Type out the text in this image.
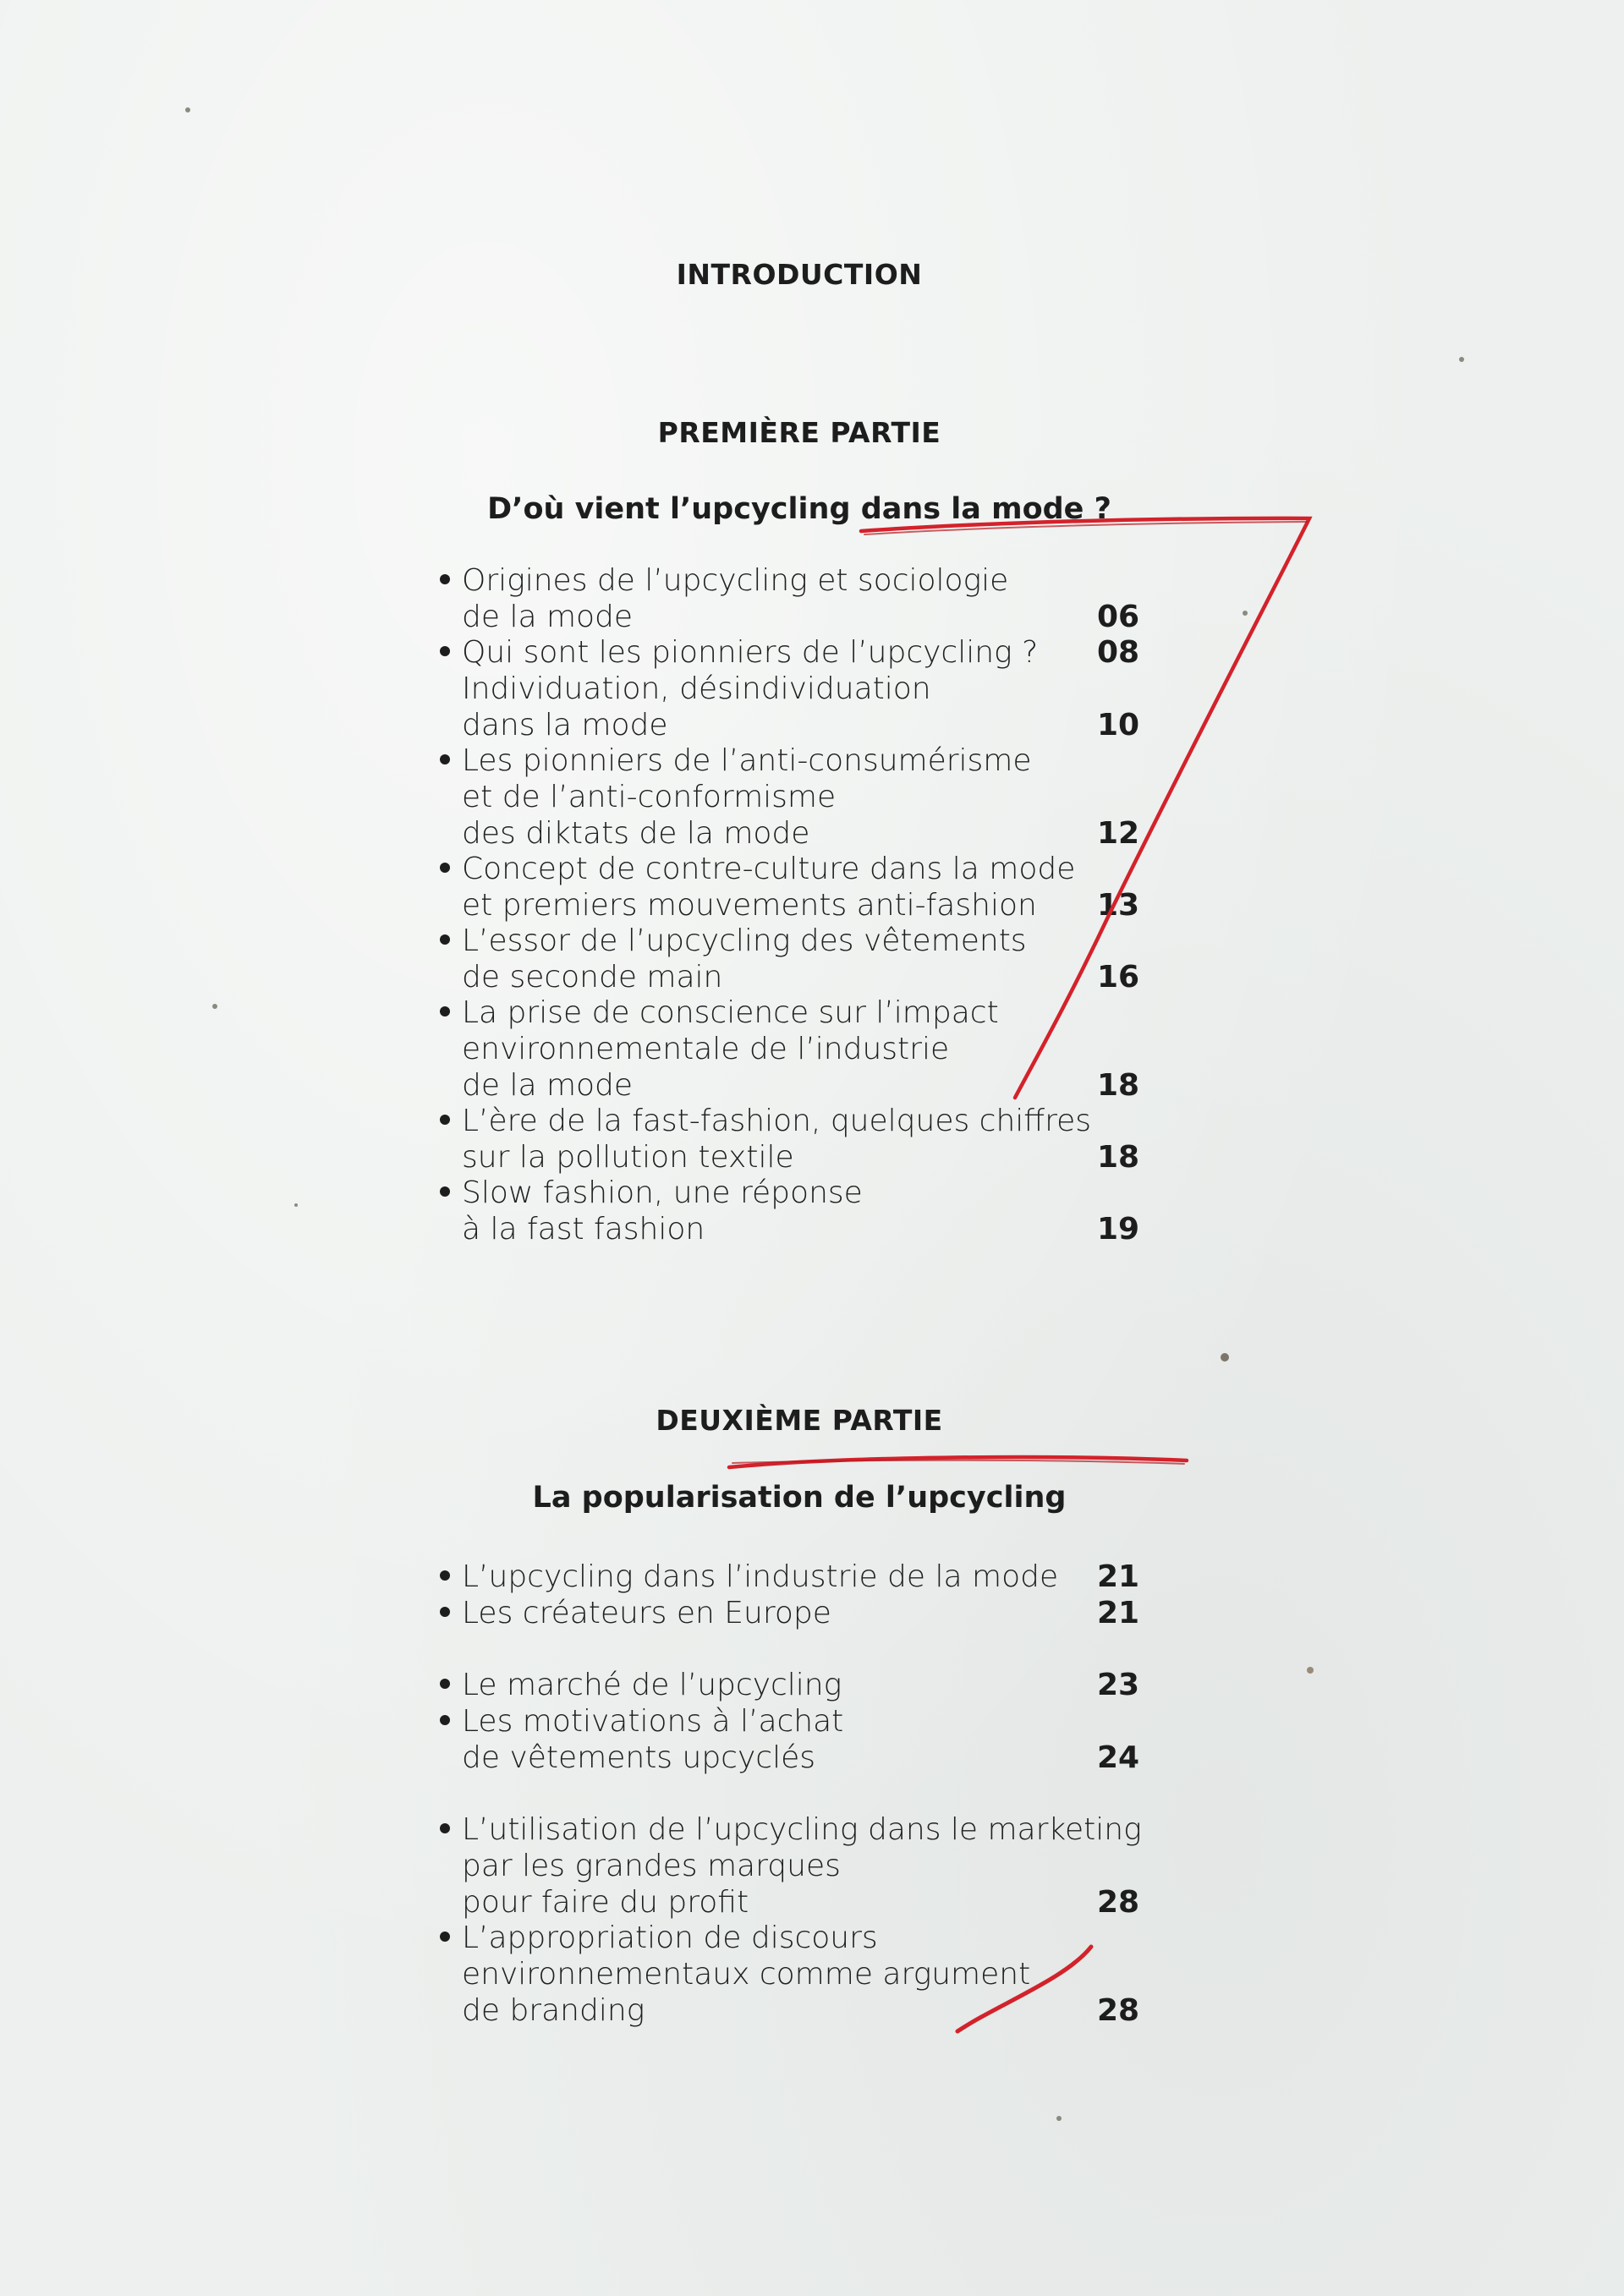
INTRODUCTION
PREMIÈRE PARTIE
D’où vient l’upcycling dans la mode ?
DEUXIÈME PARTIE
La popularisation de l’upcycling
Origines de l’upcycling et sociologie
de la mode	06
Qui sont les pionniers de l’upcycling ? 08
Individuation, désindividuation
dans la mode	10
Les pionniers de l’anti-consumérisme
et de l’anti-conformisme
des diktats de la mode	12
Concept de contre-culture dans la mode
et premiers mouvements anti-fashion 13
L’essor de l’upcycling des vêtements
de seconde main	16
La prise de conscience sur l’impact
environnementale de l’industrie
de la mode	18
L’ère de la fast-fashion, quelques chiffres
sur la pollution textile	18
Slow fashion, une réponse
à la fast fashion	19
L’upcycling dans l’industrie de la mode 21
Les créateurs en Europe	21
Le marché de l’upcycling	23
Les motivations à l’achat
de vêtements upcyclés	24
L’utilisation de l’upcycling dans le marketing
par les grandes marques
pour faire du profit	28
L’appropriation de discours
environnementaux comme argument
de branding	28
